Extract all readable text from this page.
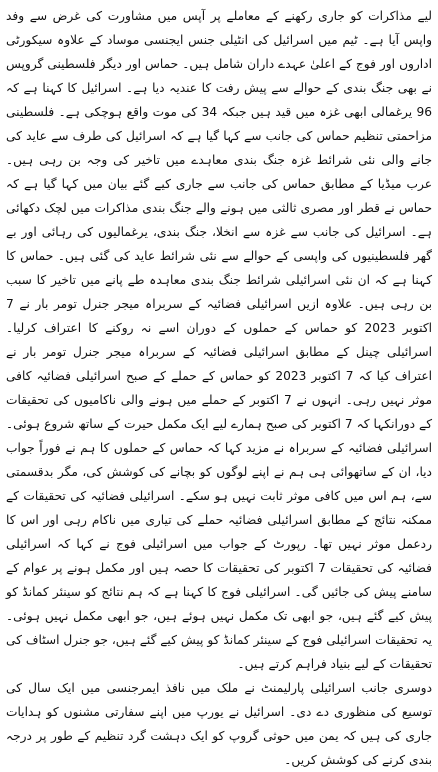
لیے مذاکرات کو جاری رکھنے کے معاملے پر آپس میں مشاورت کی غرض سے وفد واپس آیا ہے۔ ٹیم میں اسرائیل کی انٹیلی جنس ایجنسی موساد کے علاوہ سیکورٹی اداروں اور فوج کے اعلیٰ عہدے داران شامل ہیں۔ حماس اور دیگر فلسطینی گروپس نے بھی جنگ بندی کے حوالے سے پیش رفت کا عندیہ دیا ہے۔ اسرائیل کا کہنا ہے کہ 96 یرغمالی ابھی غزہ میں قید ہیں جبکہ 34 کی موت واقع ہوچکی ہے۔ فلسطینی مزاحمتی تنظیم حماس کی جانب سے کہا گیا ہے کہ اسرائیل کی طرف سے عاید کی جانے والی نئی شرائط غزہ جنگ بندی معاہدے میں تاخیر کی وجہ بن رہی ہیں۔ عرب میڈیا کے مطابق حماس کی جانب سے جاری کیے گئے بیان میں کہا گیا ہے کہ حماس نے قطر اور مصری ثالثی میں ہونے والے جنگ بندی مذاکرات میں لچک دکھائی ہے۔ اسرائیل کی جانب سے غزہ سے انخلا، جنگ بندی، یرغمالیوں کی رہائی اور بے گھر فلسطینیوں کی واپسی کے حوالے سے نئی شرائط عاید کی گئی ہیں۔ حماس کا کہنا ہے کہ ان نئی اسرائیلی شرائط جنگ بندی معاہدہ طے پانے میں تاخیر کا سبب بن رہی ہیں۔ علاوہ ازیں اسرائیلی فضائیہ کے سربراہ میجر جنرل تومر بار نے 7 اکتوبر 2023 کو حماس کے حملوں کے دوران اسے نہ روکنے کا اعتراف کرلیا۔ اسرائیلی چینل کے مطابق اسرائیلی فضائیہ کے سربراہ میجر جنرل تومر بار نے اعتراف کیا کہ 7 اکتوبر 2023 کو حماس کے حملے کے صبح اسرائیلی فضائیہ کافی موثر نہیں رہی۔ انہوں نے 7 اکتوبر کے حملے میں ہونے والی ناکامیوں کی تحقیقات کے دورانکہا کہ 7 اکتوبر کی صبح ہمارے لیے ایک مکمل حیرت کے ساتھ شروع ہوئی۔ اسرائیلی فضائیہ کے سربراہ نے مزید کہا کہ حماس کے حملوں کا ہم نے فوراً جواب دیا، ان کے ساتھوائی ہی ہم نے اپنے لوگوں کو بچانے کی کوشش کی، مگر بدقسمتی سے، ہم اس میں کافی موثر ثابت نہیں ہو سکے۔ اسرائیلی فضائیہ کی تحقیقات کے ممکنہ نتائج کے مطابق اسرائیلی فضائیہ حملے کی تیاری میں ناکام رہی اور اس کا ردعمل موثر نہیں تھا۔ رپورٹ کے جواب میں اسرائیلی فوج نے کہا کہ اسرائیلی فضائیہ کی تحقیقات 7 اکتوبر کی تحقیقات کا حصہ ہیں اور مکمل ہونے پر عوام کے سامنے پیش کی جائیں گی۔ اسرائیلی فوج کا کہنا ہے کہ ہم نتائج کو سینئر کمانڈ کو پیش کیے گئے ہیں، جو ابھی تک مکمل نہیں ہوئے ہیں، جو ابھی مکمل نہیں ہوئی۔ یہ تحقیقات اسرائیلی فوج کے سینئر کمانڈ کو پیش کیے گئے ہیں، جو جنرل اسٹاف کی تحقیقات کے لیے بنیاد فراہم کرتے ہیں۔

دوسری جانب اسرائیلی پارلیمنٹ نے ملک میں نافذ ایمرجنسی میں ایک سال کی توسیع کی منظوری دے دی۔ اسرائیل نے یورپ میں اپنے سفارتی مشنوں کو ہدایات جاری کی ہیں کہ یمن میں حوثی گروپ کو ایک دہشت گرد تنظیم کے طور پر درجہ بندی کرنے کی کوشش کریں۔
